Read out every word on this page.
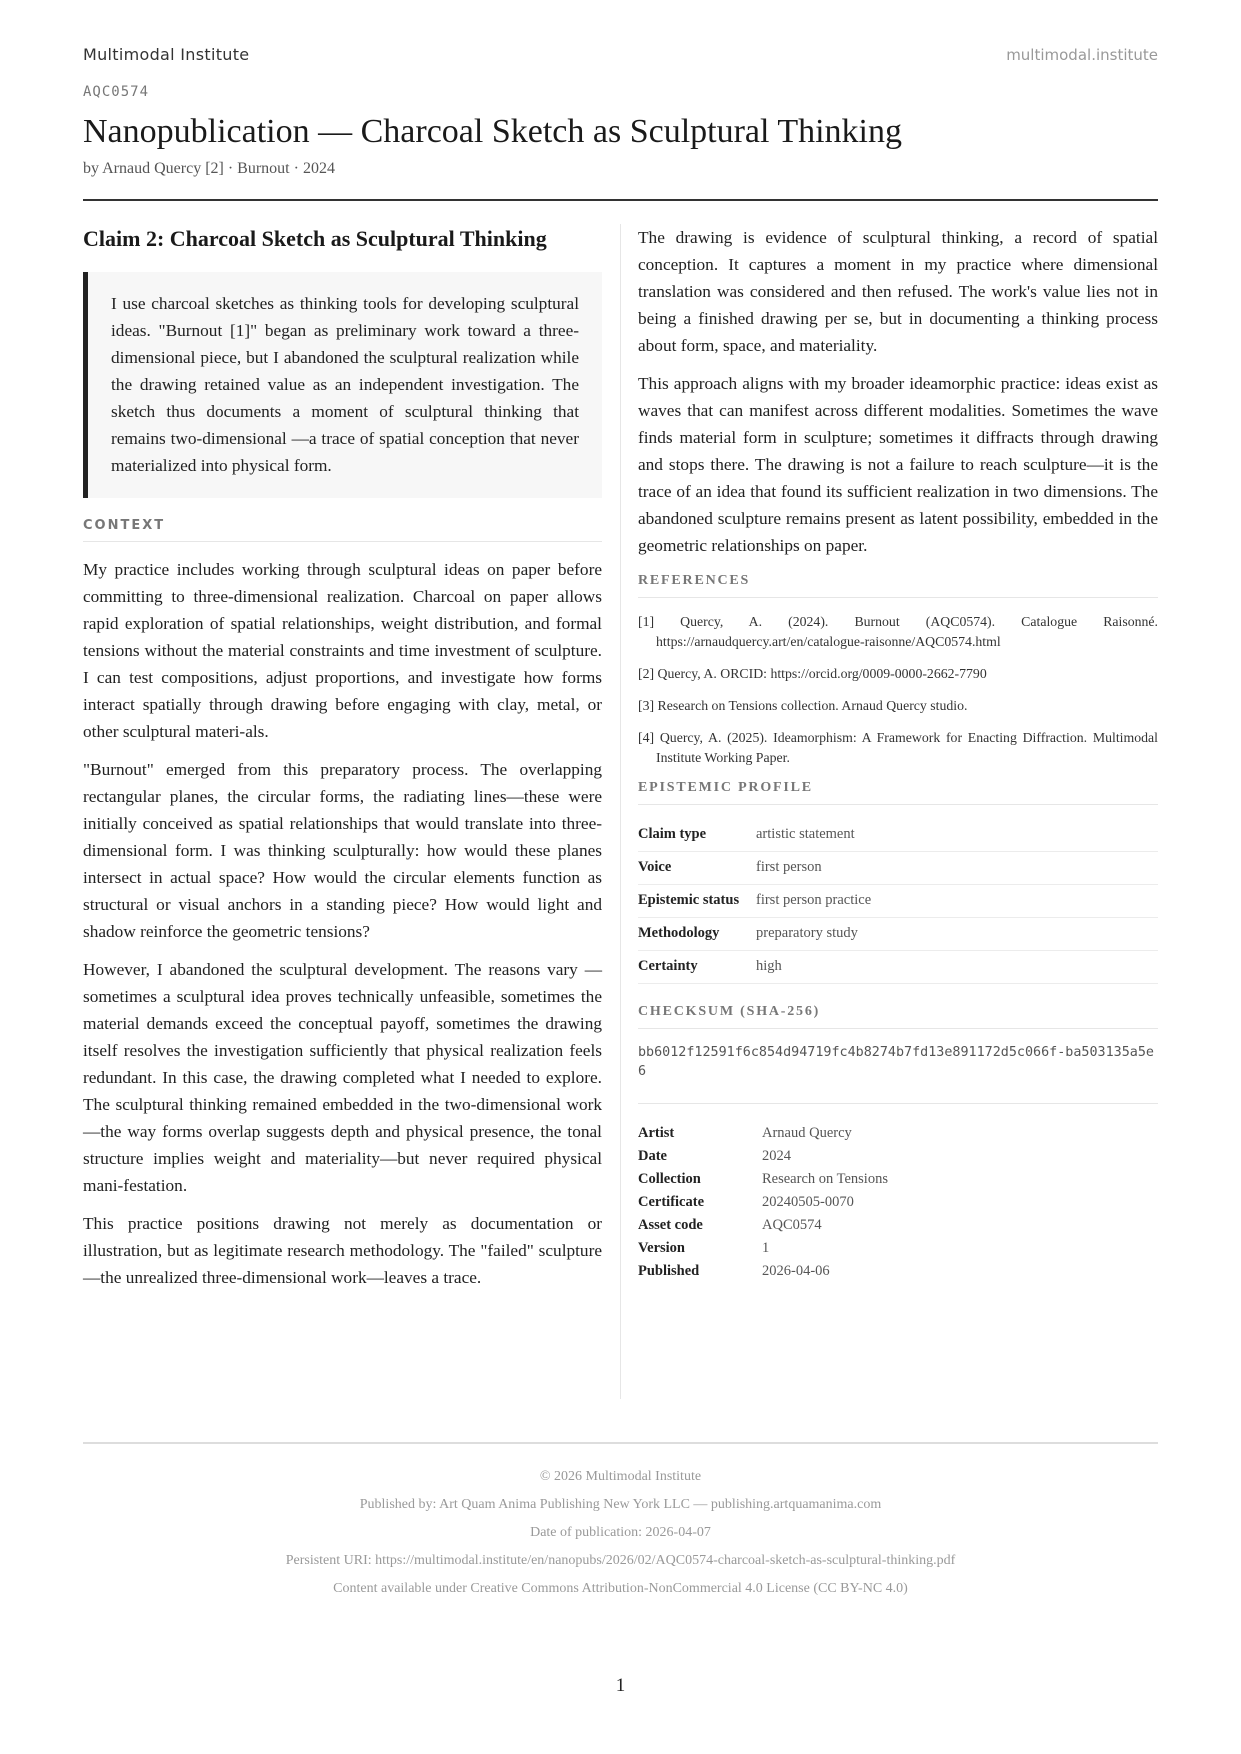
Multimodal Institute	multimodal.institute
AQC0574
Nanopublication — Charcoal Sketch as Sculptural Thinking
by Arnaud Quercy [2] · Burnout · 2024
Claim 2: Charcoal Sketch as Sculptural Thinking
I use charcoal sketches as thinking tools for developing sculptural ideas. "Burnout [1]" began as preliminary work toward a three-dimensional piece, but I abandoned the sculptural realization while the drawing retained value as an independent investigation. The sketch thus documents a moment of sculptural thinking that remains two-dimensional —a trace of spatial conception that never materialized into physical form.
CONTEXT

My practice includes working through sculptural ideas on paper before committing to three-dimensional realization. Charcoal on paper allows rapid exploration of spatial relationships, weight distribution, and formal tensions without the material constraints and time investment of sculpture. I can test compositions, adjust proportions, and investigate how forms interact spatially through drawing before engaging with clay, metal, or other sculptural materi-als.

"Burnout" emerged from this preparatory process. The overlapping rectangular planes, the circular forms, the radiating lines—these were initially conceived as spatial relationships that would translate into three-dimensional form. I was thinking sculpturally: how would these planes intersect in actual space? How would the circular elements function as structural or visual anchors in a standing piece? How would light and shadow reinforce the geometric tensions?

However, I abandoned the sculptural development. The reasons vary —sometimes a sculptural idea proves technically unfeasible, sometimes the material demands exceed the conceptual payoff, sometimes the drawing itself resolves the investigation sufficiently that physical realization feels redundant. In this case, the drawing completed what I needed to explore. The sculptural thinking remained embedded in the two-dimensional work—the way forms overlap suggests depth and physical presence, the tonal structure implies weight and materiality—but never required physical mani-festation.

This practice positions drawing not merely as documentation or illustration, but as legitimate research methodology. The "failed" sculpture—the unrealized three-dimensional work—leaves a trace.

The drawing is evidence of sculptural thinking, a record of spatial conception. It captures a moment in my practice where dimensional translation was considered and then refused. The work's value lies not in being a finished drawing per se, but in documenting a thinking process about form, space, and materiality.

This approach aligns with my broader ideamorphic practice: ideas exist as waves that can manifest across different modalities. Sometimes the wave finds material form in sculpture; sometimes it diffracts through drawing and stops there. The drawing is not a failure to reach sculpture—it is the trace of an idea that found its sufficient realization in two dimensions. The abandoned sculpture remains present as latent possibility, embedded in the geometric relationships on paper.

REFERENCES
[1] Quercy, A. (2024). Burnout (AQC0574). Catalogue Raisonné. https://arnaudquercy.art/en/catalogue-raisonne/AQC0574.html
[2] Quercy, A. ORCID: https://orcid.org/0009-0000-2662-7790
[3] Research on Tensions collection. Arnaud Quercy studio.
[4] Quercy, A. (2025). Ideamorphism: A Framework for Enacting Diffraction. Multimodal Institute Working Paper.
EPISTEMIC PROFILE
Claim type	artistic statement
Voice	first person
Epistemic status	first person practice
Methodology	preparatory study
Certainty	high
CHECKSUM (SHA-256)
bb6012f12591f6c854d94719fc4b8274b7fd13e891172d5c066f-ba503135a5e6
Artist	Arnaud Quercy
Date	2024
Collection	Research on Tensions
Certificate	20240505-0070
Asset code	AQC0574
Version	1
Published	2026-04-06
© 2026 Multimodal Institute
Published by: Art Quam Anima Publishing New York LLC — publishing.artquamanima.com
Date of publication: 2026-04-07
Persistent URI: https://multimodal.institute/en/nanopubs/2026/02/AQC0574-charcoal-sketch-as-sculptural-thinking.pdf
Content available under Creative Commons Attribution-NonCommercial 4.0 License (CC BY-NC 4.0)
1
